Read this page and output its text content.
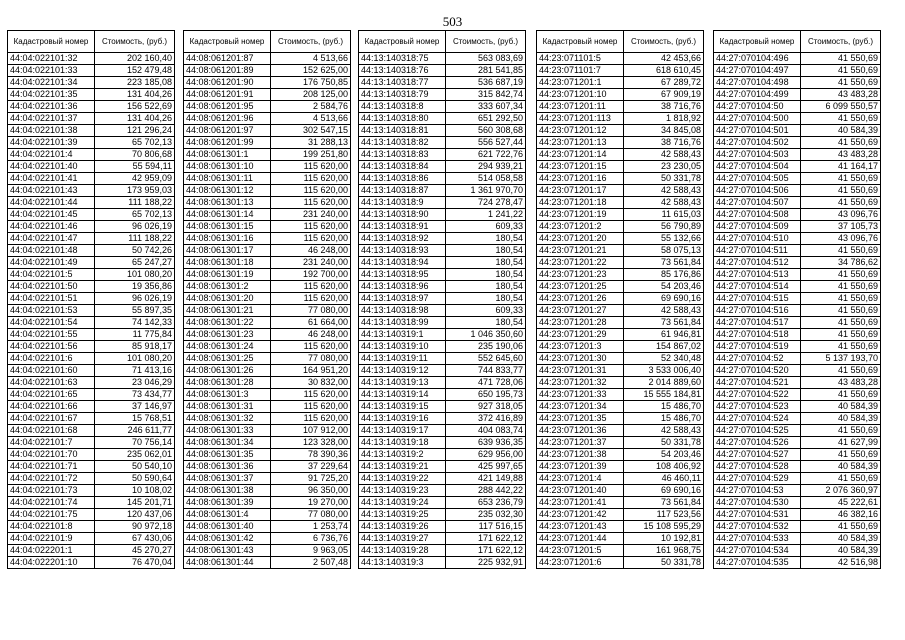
503
Кадастровый номер	Стоимость, (руб.)
44:04:022101:32	202 160,40
44:04:022101:33	152 479,48
44:04:022101:34	223 185,08
44:04:022101:35	131 404,26
44:04:022101:36	156 522,69
44:04:022101:37	131 404,26
44:04:022101:38	121 296,24
44:04:022101:39	65 702,13
44:04:022101:4	70 806,68
44:04:022101:40	55 594,11
44:04:022101:41	42 959,09
44:04:022101:43	173 959,03
44:04:022101:44	111 188,22
44:04:022101:45	65 702,13
44:04:022101:46	96 026,19
44:04:022101:47	111 188,22
44:04:022101:48	50 742,26
44:04:022101:49	65 247,27
44:04:022101:5	101 080,20
44:04:022101:50	19 356,86
44:04:022101:51	96 026,19
44:04:022101:53	55 897,35
44:04:022101:54	74 142,33
44:04:022101:55	11 775,84
44:04:022101:56	85 918,17
44:04:022101:6	101 080,20
44:04:022101:60	71 413,16
44:04:022101:63	23 046,29
44:04:022101:65	73 434,77
44:04:022101:66	37 146,97
44:04:022101:67	15 768,51
44:04:022101:68	246 611,77
44:04:022101:7	70 756,14
44:04:022101:70	235 062,01
44:04:022101:71	50 540,10
44:04:022101:72	50 590,64
44:04:022101:73	10 108,02
44:04:022101:74	145 201,71
44:04:022101:75	120 437,06
44:04:022101:8	90 972,18
44:04:022101:9	67 430,06
44:04:022201:1	45 270,27
44:04:022201:10	76 470,04
Кадастровый номер	Стоимость, (руб.)
44:08:061201:87	4 513,66
44:08:061201:89	152 625,00
44:08:061201:90	176 750,85
44:08:061201:91	208 125,00
44:08:061201:95	2 584,76
44:08:061201:96	4 513,66
44:08:061201:97	302 547,15
44:08:061201:99	31 288,13
44:08:061301:1	199 251,80
44:08:061301:10	115 620,00
44:08:061301:11	115 620,00
44:08:061301:12	115 620,00
44:08:061301:13	115 620,00
44:08:061301:14	231 240,00
44:08:061301:15	115 620,00
44:08:061301:16	115 620,00
44:08:061301:17	46 248,00
44:08:061301:18	231 240,00
44:08:061301:19	192 700,00
44:08:061301:2	115 620,00
44:08:061301:20	115 620,00
44:08:061301:21	77 080,00
44:08:061301:22	61 664,00
44:08:061301:23	46 248,00
44:08:061301:24	115 620,00
44:08:061301:25	77 080,00
44:08:061301:26	164 951,20
44:08:061301:28	30 832,00
44:08:061301:3	115 620,00
44:08:061301:31	115 620,00
44:08:061301:32	115 620,00
44:08:061301:33	107 912,00
44:08:061301:34	123 328,00
44:08:061301:35	78 390,36
44:08:061301:36	37 229,64
44:08:061301:37	91 725,20
44:08:061301:38	96 350,00
44:08:061301:39	19 270,00
44:08:061301:4	77 080,00
44:08:061301:40	1 253,74
44:08:061301:42	6 736,76
44:08:061301:43	9 963,05
44:08:061301:44	2 507,48
Кадастровый номер	Стоимость, (руб.)
44:13:140318:75	563 083,69
44:13:140318:76	281 541,85
44:13:140318:77	536 687,19
44:13:140318:79	315 842,74
44:13:140318:8	333 607,34
44:13:140318:80	651 292,50
44:13:140318:81	560 308,68
44:13:140318:82	556 527,44
44:13:140318:83	621 722,76
44:13:140318:84	294 939,21
44:13:140318:86	514 058,58
44:13:140318:87	1 361 970,70
44:13:140318:9	724 278,47
44:13:140318:90	1 241,22
44:13:140318:91	609,33
44:13:140318:92	180,54
44:13:140318:93	180,54
44:13:140318:94	180,54
44:13:140318:95	180,54
44:13:140318:96	180,54
44:13:140318:97	180,54
44:13:140318:98	609,33
44:13:140318:99	180,54
44:13:140319:1	1 046 350,60
44:13:140319:10	235 190,06
44:13:140319:11	552 645,60
44:13:140319:12	744 833,77
44:13:140319:13	471 728,06
44:13:140319:14	650 195,73
44:13:140319:15	927 318,05
44:13:140319:16	372 416,89
44:13:140319:17	404 083,74
44:13:140319:18	639 936,35
44:13:140319:2	629 956,00
44:13:140319:21	425 997,65
44:13:140319:22	421 149,88
44:13:140319:23	288 442,22
44:13:140319:24	653 236,79
44:13:140319:25	235 032,30
44:13:140319:26	117 516,15
44:13:140319:27	171 622,12
44:13:140319:28	171 622,12
44:13:140319:3	225 932,91
Кадастровый номер	Стоимость, (руб.)
44:23:071101:5	42 453,66
44:23:071101:7	618 610,45
44:23:071201:1	67 289,72
44:23:071201:10	67 909,19
44:23:071201:11	38 716,76
44:23:071201:113	1 818,92
44:23:071201:12	34 845,08
44:23:071201:13	38 716,76
44:23:071201:14	42 588,43
44:23:071201:15	23 230,05
44:23:071201:16	50 331,78
44:23:071201:17	42 588,43
44:23:071201:18	42 588,43
44:23:071201:19	11 615,03
44:23:071201:2	56 790,89
44:23:071201:20	55 132,66
44:23:071201:21	58 075,13
44:23:071201:22	73 561,84
44:23:071201:23	85 176,86
44:23:071201:25	54 203,46
44:23:071201:26	69 690,16
44:23:071201:27	42 588,43
44:23:071201:28	73 561,84
44:23:071201:29	61 946,81
44:23:071201:3	154 867,02
44:23:071201:30	52 340,48
44:23:071201:31	3 533 006,40
44:23:071201:32	2 014 889,60
44:23:071201:33	15 555 184,81
44:23:071201:34	15 486,70
44:23:071201:35	15 486,70
44:23:071201:36	42 588,43
44:23:071201:37	50 331,78
44:23:071201:38	54 203,46
44:23:071201:39	108 406,92
44:23:071201:4	46 460,11
44:23:071201:40	69 690,16
44:23:071201:41	73 561,84
44:23:071201:42	117 523,56
44:23:071201:43	15 108 595,29
44:23:071201:44	10 192,81
44:23:071201:5	161 968,75
44:23:071201:6	50 331,78
Кадастровый номер	Стоимость, (руб.)
44:27:070104:496	41 550,69
44:27:070104:497	41 550,69
44:27:070104:498	41 550,69
44:27:070104:499	43 483,28
44:27:070104:50	6 099 550,57
44:27:070104:500	41 550,69
44:27:070104:501	40 584,39
44:27:070104:502	41 550,69
44:27:070104:503	43 483,28
44:27:070104:504	41 164,17
44:27:070104:505	41 550,69
44:27:070104:506	41 550,69
44:27:070104:507	41 550,69
44:27:070104:508	43 096,76
44:27:070104:509	37 105,73
44:27:070104:510	43 096,76
44:27:070104:511	41 550,69
44:27:070104:512	34 786,62
44:27:070104:513	41 550,69
44:27:070104:514	41 550,69
44:27:070104:515	41 550,69
44:27:070104:516	41 550,69
44:27:070104:517	41 550,69
44:27:070104:518	41 550,69
44:27:070104:519	41 550,69
44:27:070104:52	5 137 193,70
44:27:070104:520	41 550,69
44:27:070104:521	43 483,28
44:27:070104:522	41 550,69
44:27:070104:523	40 584,39
44:27:070104:524	40 584,39
44:27:070104:525	41 550,69
44:27:070104:526	41 627,99
44:27:070104:527	41 550,69
44:27:070104:528	40 584,39
44:27:070104:529	41 550,69
44:27:070104:53	2 076 360,97
44:27:070104:530	45 222,61
44:27:070104:531	46 382,16
44:27:070104:532	41 550,69
44:27:070104:533	40 584,39
44:27:070104:534	40 584,39
44:27:070104:535	42 516,98
